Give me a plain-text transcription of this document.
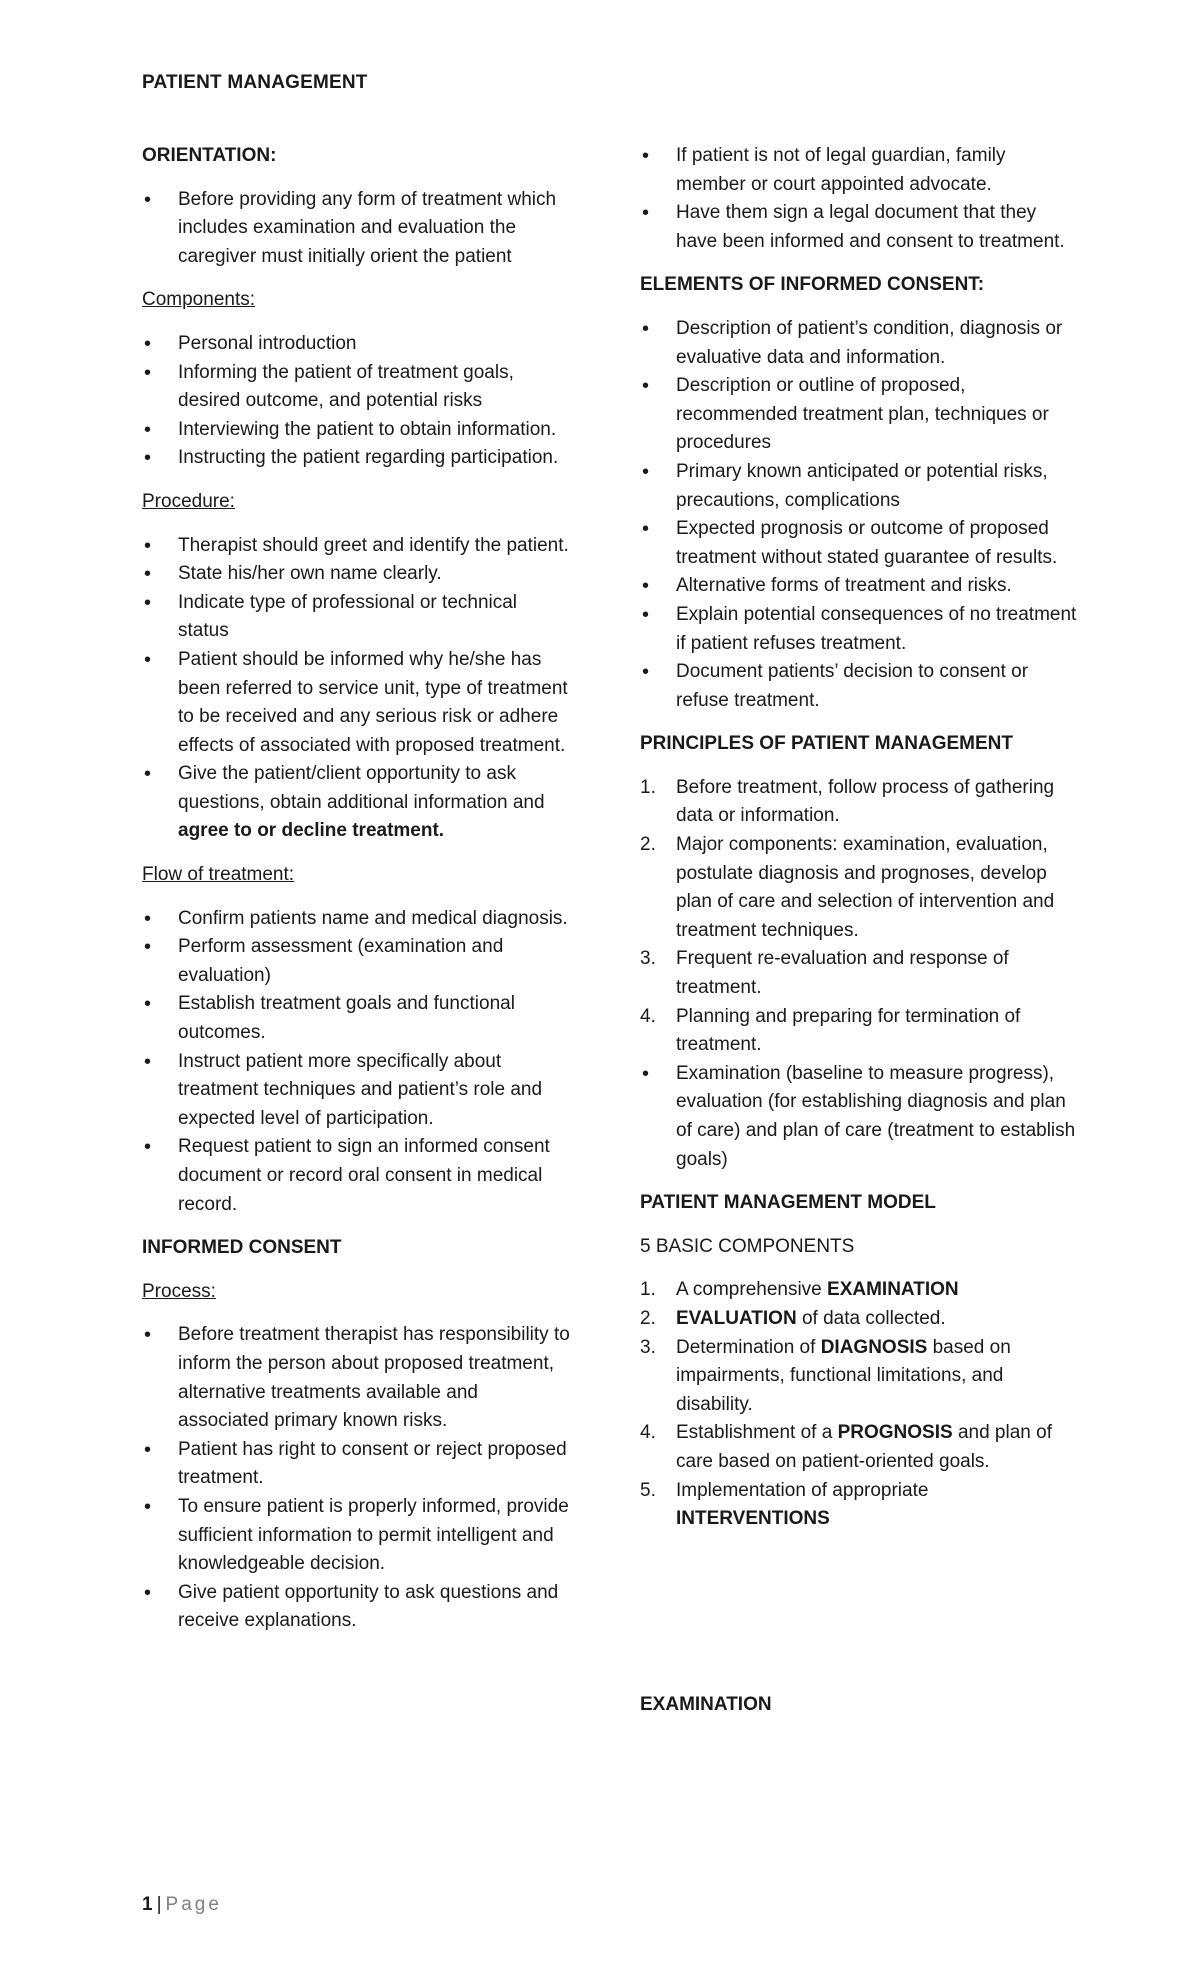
PATIENT MANAGEMENT
ORIENTATION:
• Before providing any form of treatment which includes examination and evaluation the caregiver must initially orient the patient
Components:
• Personal introduction
• Informing the patient of treatment goals, desired outcome, and potential risks
• Interviewing the patient to obtain information.
• Instructing the patient regarding participation.
Procedure:
• Therapist should greet and identify the patient.
• State his/her own name clearly.
• Indicate type of professional or technical status
• Patient should be informed why he/she has been referred to service unit, type of treatment to be received and any serious risk or adhere effects of associated with proposed treatment.
• Give the patient/client opportunity to ask questions, obtain additional information and agree to or decline treatment.
Flow of treatment:
• Confirm patients name and medical diagnosis.
• Perform assessment (examination and evaluation)
• Establish treatment goals and functional outcomes.
• Instruct patient more specifically about treatment techniques and patient’s role and expected level of participation.
• Request patient to sign an informed consent document or record oral consent in medical record.
INFORMED CONSENT
Process:
• Before treatment therapist has responsibility to inform the person about proposed treatment, alternative treatments available and associated primary known risks.
• Patient has right to consent or reject proposed treatment.
• To ensure patient is properly informed, provide sufficient information to permit intelligent and knowledgeable decision.
• Give patient opportunity to ask questions and receive explanations.
• If patient is not of legal guardian, family member or court appointed advocate.
• Have them sign a legal document that they have been informed and consent to treatment.
ELEMENTS OF INFORMED CONSENT:
• Description of patient’s condition, diagnosis or evaluative data and information.
• Description or outline of proposed, recommended treatment plan, techniques or procedures
• Primary known anticipated or potential risks, precautions, complications
• Expected prognosis or outcome of proposed treatment without stated guarantee of results.
• Alternative forms of treatment and risks.
• Explain potential consequences of no treatment if patient refuses treatment.
• Document patients’ decision to consent or refuse treatment.
PRINCIPLES OF PATIENT MANAGEMENT
1. Before treatment, follow process of gathering data or information.
2. Major components: examination, evaluation, postulate diagnosis and prognoses, develop plan of care and selection of intervention and treatment techniques.
3. Frequent re-evaluation and response of treatment.
4. Planning and preparing for termination of treatment.
• Examination (baseline to measure progress), evaluation (for establishing diagnosis and plan of care) and plan of care (treatment to establish goals)
PATIENT MANAGEMENT MODEL
5 BASIC COMPONENTS
1. A comprehensive EXAMINATION
2. EVALUATION of data collected.
3. Determination of DIAGNOSIS based on impairments, functional limitations, and disability.
4. Establishment of a PROGNOSIS and plan of care based on patient-oriented goals.
5. Implementation of appropriate INTERVENTIONS
EXAMINATION
1 | Page
